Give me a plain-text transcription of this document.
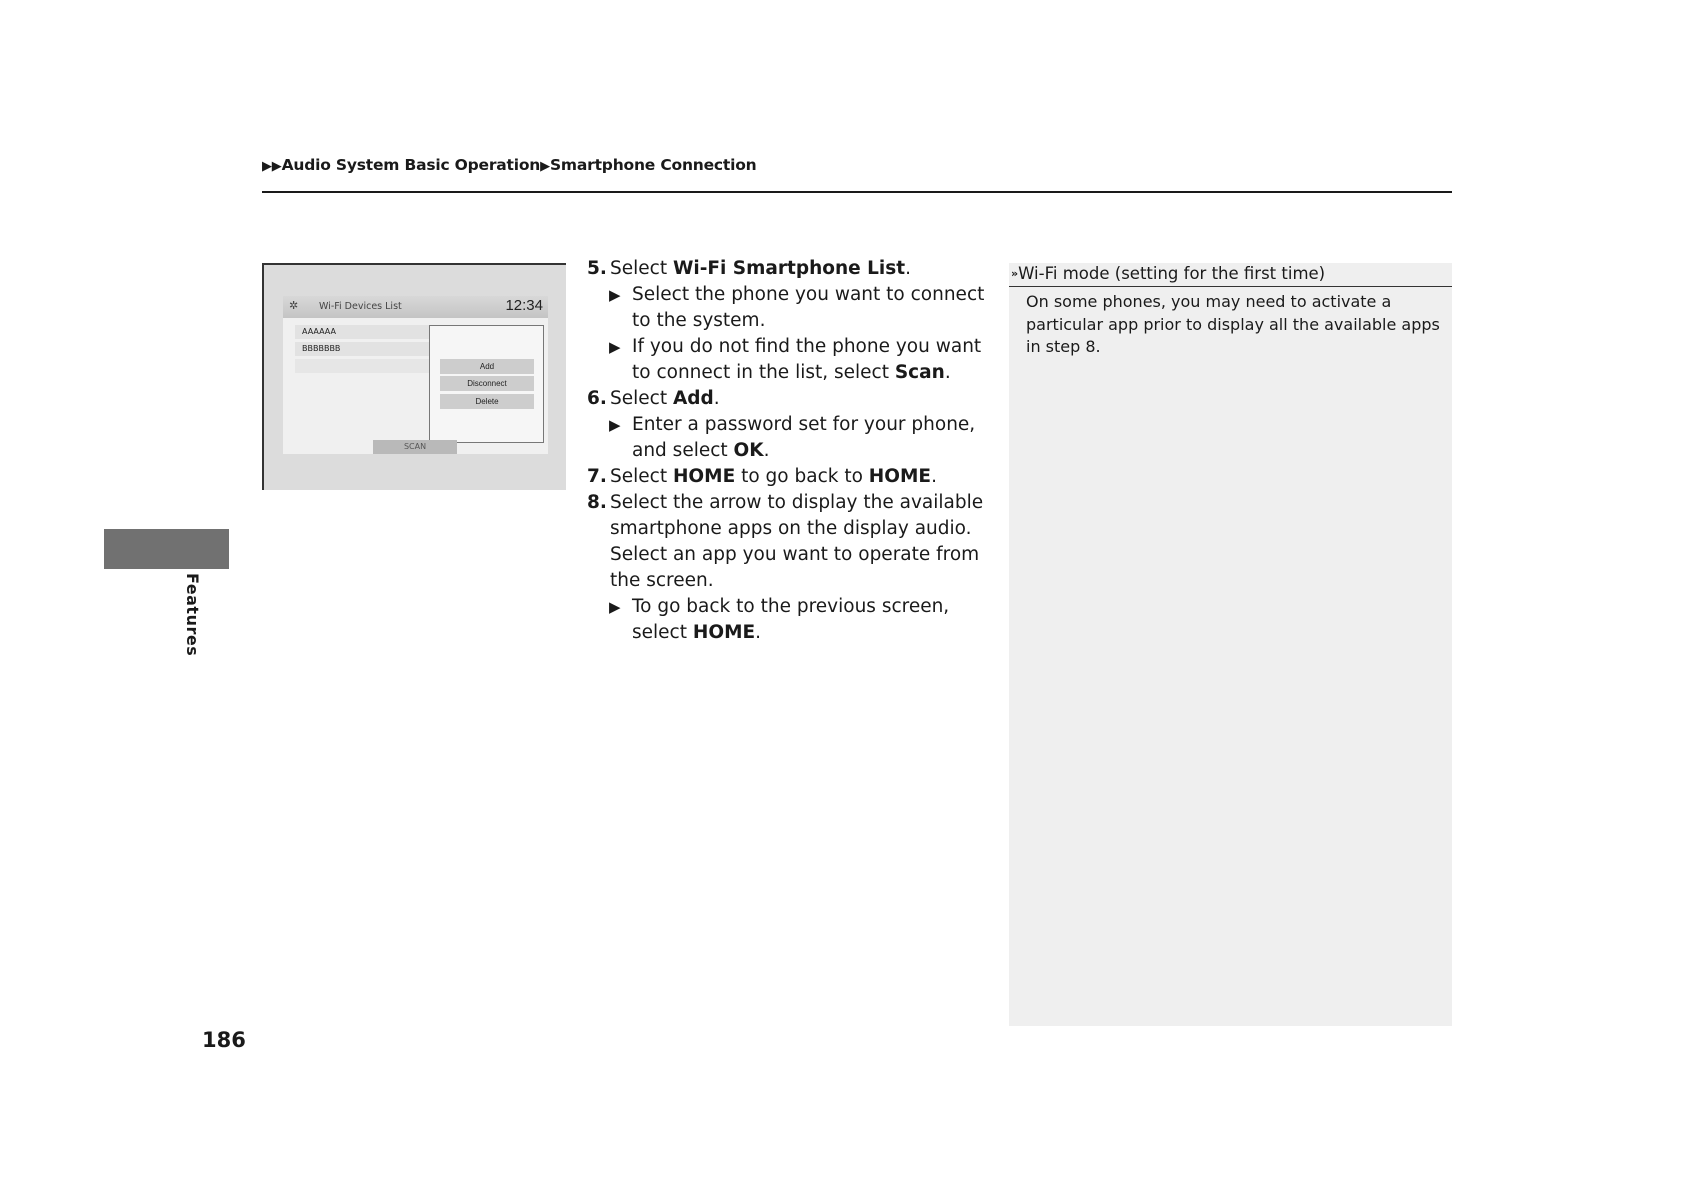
▶▶Audio System Basic Operation▶Smartphone Connection
Features
186
✲ Wi-Fi Devices List	12:34
AAAAAA
BBBBBBB
Add
Disconnect
Delete
SCAN
5. Select Wi-Fi Smartphone List.
▶ Select the phone you want to connect to the system.
▶ If you do not find the phone you want to connect in the list, select Scan.
6. Select Add.
▶ Enter a password set for your phone, and select OK.
7. Select HOME to go back to HOME.
8. Select the arrow to display the available smartphone apps on the display audio. Select an app you want to operate from the screen.
▶ To go back to the previous screen, select HOME.
»Wi-Fi mode (setting for the first time)
On some phones, you may need to activate a particular app prior to display all the available apps in step 8.
